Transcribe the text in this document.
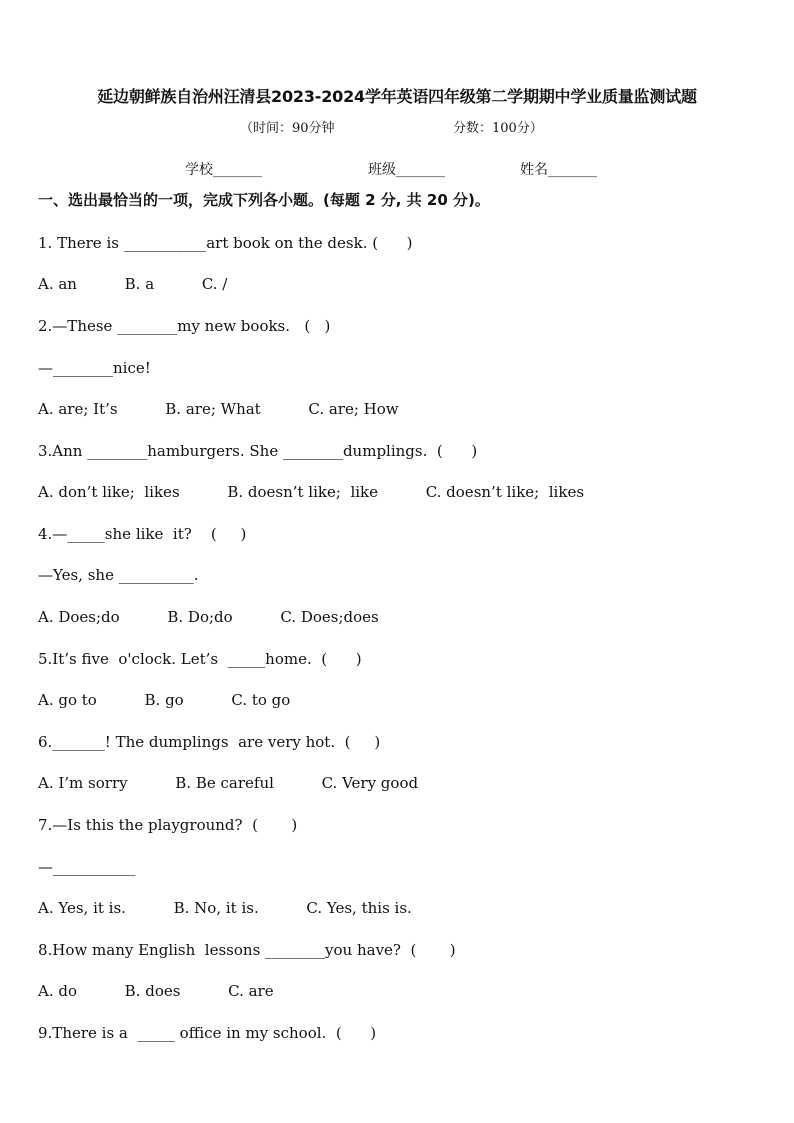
延边朝鲜族自治州汪清县2023-2024学年英语四年级第二学期期中学业质量监测试题
（时间：90分钟	分数：100分）
学校_______	班级_______	姓名_______
一、选出最恰当的一项，完成下列各小题。(每题 2 分, 共 20 分)。
1. There is ___________art book on the desk. (      )
A. an          B. a          C. /
2.—These ________my new books.   (   )
—________nice!
A. are; It’s          B. are; What          C. are; How
3.Ann ________hamburgers. She ________dumplings.  (      )
A. don’t like;  likes          B. doesn’t like;  like          C. doesn’t like;  likes
4.—_____she like  it?    (     )
—Yes, she __________.
A. Does;do          B. Do;do          C. Does;does
5.It’s five  o'clock. Let’s  _____home.  (      )
A. go to          B. go          C. to go
6._______! The dumplings  are very hot.  (     )
A. I’m sorry          B. Be careful          C. Very good
7.—Is this the playground?  (       )
—___________
A. Yes, it is.          B. No, it is.          C. Yes, this is.
8.How many English  lessons ________you have?  (       )
A. do          B. does          C. are
9.There is a  _____ office in my school.  (      )
